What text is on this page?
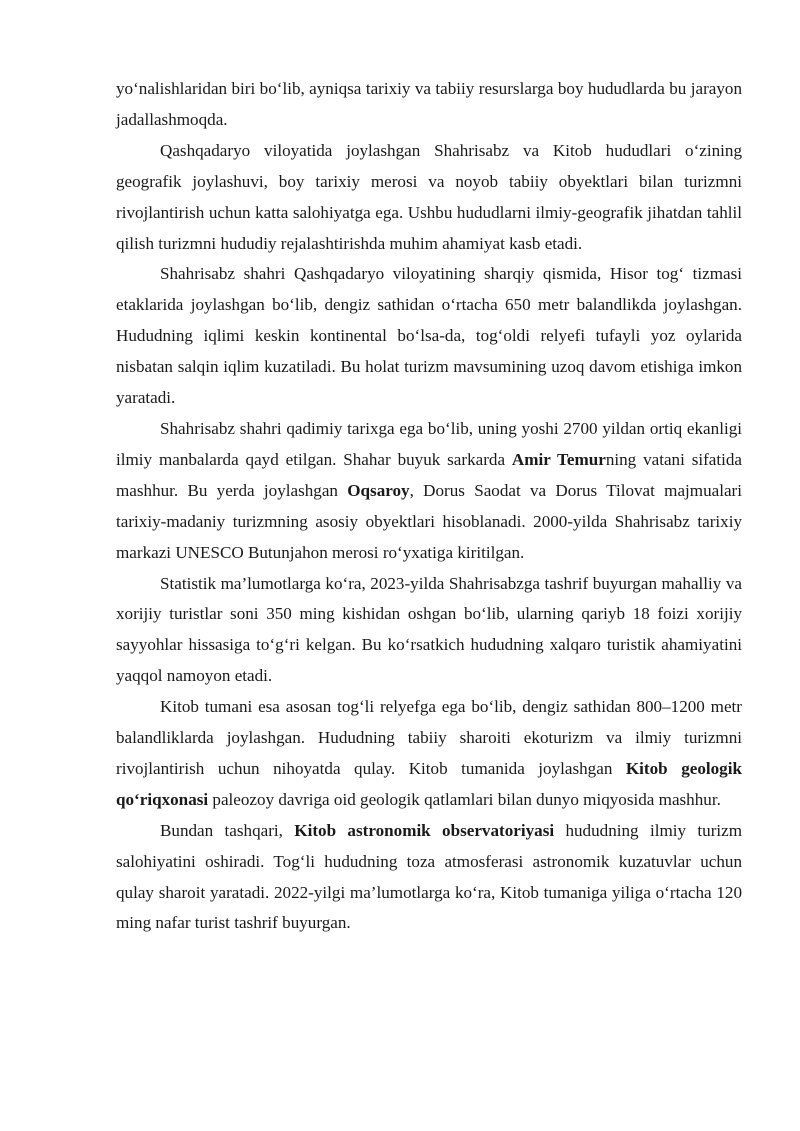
yo‘nalishlaridan biri bo‘lib, ayniqsa tarixiy va tabiiy resurslarga boy hududlarda bu jarayon jadallashmoqda.

Qashqadaryo viloyatida joylashgan Shahrisabz va Kitob hududlari o‘zining geografik joylashuvi, boy tarixiy merosi va noyob tabiiy obyektlari bilan turizmni rivojlantirish uchun katta salohiyatga ega. Ushbu hududlarni ilmiy-geografik jihatdan tahlil qilish turizmni hududiy rejalashtirishda muhim ahamiyat kasb etadi.

Shahrisabz shahri Qashqadaryo viloyatining sharqiy qismida, Hisor tog‘ tizmasi etaklarida joylashgan bo‘lib, dengiz sathidan o‘rtacha 650 metr balandlikda joylashgan. Hududning iqlimi keskin kontinental bo‘lsa-da, tog‘oldi relyefi tufayli yoz oylarida nisbatan salqin iqlim kuzatiladi. Bu holat turizm mavsumining uzoq davom etishiga imkon yaratadi.

Shahrisabz shahri qadimiy tarixga ega bo‘lib, uning yoshi 2700 yildan ortiq ekanligi ilmiy manbalarda qayd etilgan. Shahar buyuk sarkarda Amir Temurning vatani sifatida mashhur. Bu yerda joylashgan Oqsaroy, Dorus Saodat va Dorus Tilovat majmualari tarixiy-madaniy turizmning asosiy obyektlari hisoblanadi. 2000-yilda Shahrisabz tarixiy markazi UNESCO Butunjahon merosi ro‘yxatiga kiritilgan.

Statistik ma’lumotlarga ko‘ra, 2023-yilda Shahrisabzga tashrif buyurgan mahalliy va xorijiy turistlar soni 350 ming kishidan oshgan bo‘lib, ularning qariyb 18 foizi xorijiy sayyohlar hissasiga to‘g‘ri kelgan. Bu ko‘rsatkich hududning xalqaro turistik ahamiyatini yaqqol namoyon etadi.

Kitob tumani esa asosan tog‘li relyefga ega bo‘lib, dengiz sathidan 800–1200 metr balandliklarda joylashgan. Hududning tabiiy sharoiti ekoturizm va ilmiy turizmni rivojlantirish uchun nihoyatda qulay. Kitob tumanida joylashgan Kitob geologik qo‘riqxonasi paleozoy davriga oid geologik qatlamlari bilan dunyo miqyosida mashhur.

Bundan tashqari, Kitob astronomik observatoriyasi hududning ilmiy turizm salohiyatini oshiradi. Tog‘li hududning toza atmosferasi astronomik kuzatuvlar uchun qulay sharoit yaratadi. 2022-yilgi ma’lumotlarga ko‘ra, Kitob tumaniga yiliga o‘rtacha 120 ming nafar turist tashrif buyurgan.
